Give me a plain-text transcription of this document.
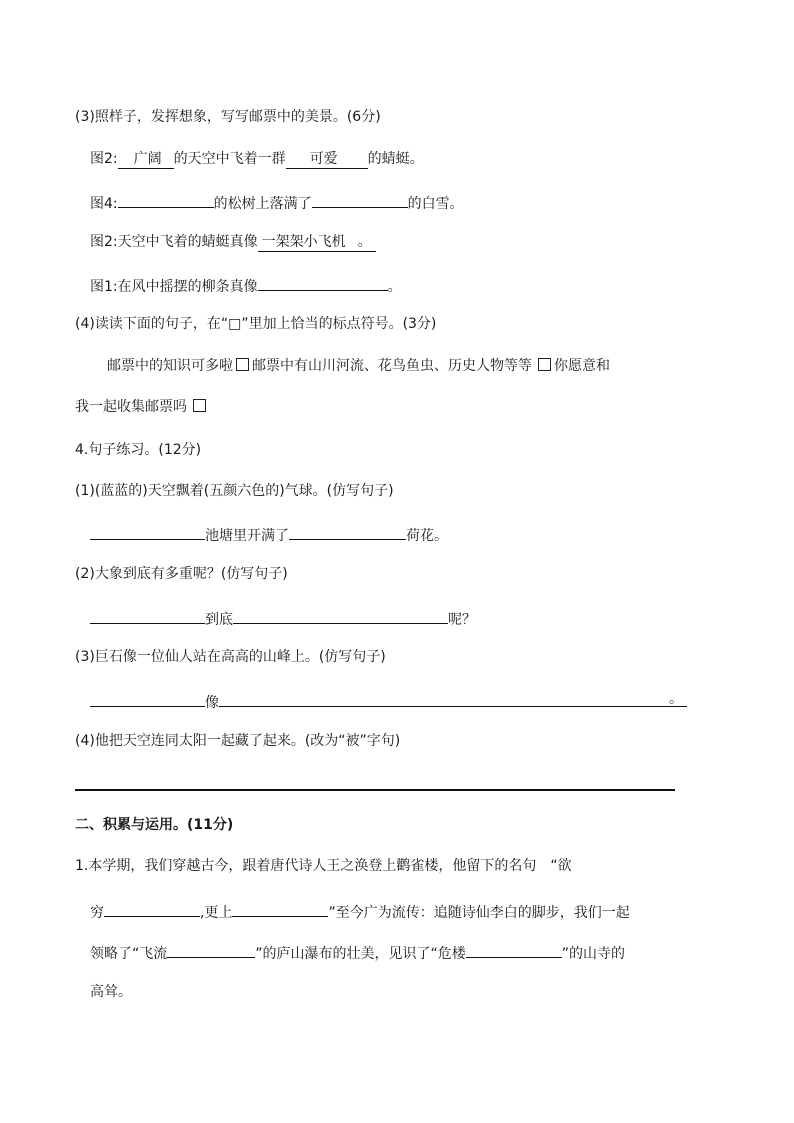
(3)照样子，发挥想象，写写邮票中的美景。(6分)
图2: 广阔 的天空中飞着一群 可爱 的蜻蜓。
图4:	的松树上落满了	的白雪。
图2:天空中飞着的蜻蜓真像 一架架小飞机 。
图1:在风中摇摆的柳条真像	。
(4)读读下面的句子，在“□”里加上恰当的标点符号。(3分)
邮票中的知识可多啦 邮票中有山川河流、花鸟鱼虫、历史人物等等 你愿意和
我一起收集邮票吗
4.句子练习。(12分)
(1)(蓝蓝的)天空飘着(五颜六色的)气球。(仿写句子)
池塘里开满了	荷花。
(2)大象到底有多重呢？(仿写句子)
到底	呢？
(3)巨石像一位仙人站在高高的山峰上。(仿写句子)
像	。
(4)他把天空连同太阳一起藏了起来。(改为“被”字句)
二、积累与运用。(11分)
1.本学期，我们穿越古今，跟着唐代诗人王之涣登上鹳雀楼，他留下的名句　“欲
穷	,更上	”至今广为流传：追随诗仙李白的脚步，我们一起
领略了“飞流	”的庐山瀑布的壮美，见识了“危楼	”的山寺的
高耸。
